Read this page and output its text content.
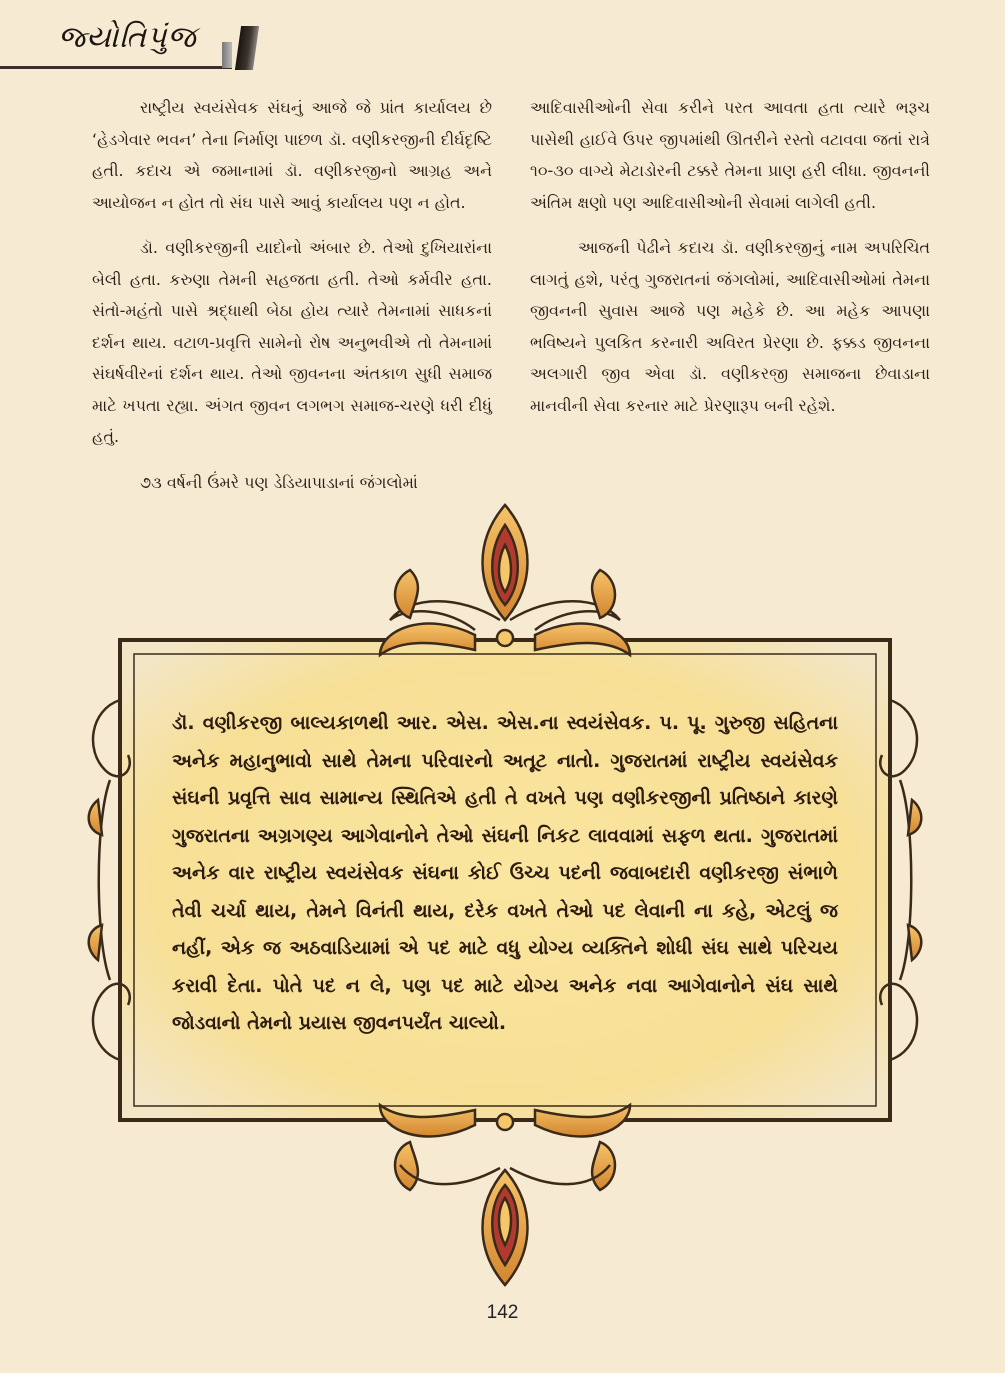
જ્યોતિપુંજ

રાષ્ટ્રીય સ્વયંસેવક સંઘનું આજે જે પ્રાંત કાર્યાલય છે ‘હેડગેવાર ભવન’ તેના નિર્માણ પાછળ ડૉ. વણીકરજીની દીર્ઘદૃષ્ટિ હતી. કદાચ એ જમાનામાં ડૉ. વણીકરજીનો આગ્રહ અને આયોજન ન હોત તો સંઘ પાસે આવું કાર્યાલય પણ ન હોત.

ડૉ. વણીકરજીની યાદોનો અંબાર છે. તેઓ દુખિયારાંના બેલી હતા. કરુણા તેમની સહજતા હતી. તેઓ કર્મવીર હતા. સંતો-મહંતો પાસે શ્રદ્ધાથી બેઠા હોય ત્યારે તેમનામાં સાધકનાં દર્શન થાય. વટાળ-પ્રવૃત્તિ સામેનો રોષ અનુભવીએ તો તેમનામાં સંઘર્ષવીરનાં દર્શન થાય. તેઓ જીવનના અંતકાળ સુધી સમાજ માટે ખપતા રહ્યા. અંગત જીવન લગભગ સમાજ-ચરણે ધરી દીધું હતું.

૭૩ વર્ષની ઉંમરે પણ ડેડિયાપાડાનાં જંગલોમાં

આદિવાસીઓની સેવા કરીને પરત આવતા હતા ત્યારે ભરૂચ પાસેથી હાઈવે ઉપર જીપમાંથી ઊતરીને રસ્તો વટાવવા જતાં રાત્રે ૧૦-૩૦ વાગ્યે મેટાડોરની ટક્કરે તેમના પ્રાણ હરી લીધા. જીવનની અંતિમ ક્ષણો પણ આદિવાસીઓની સેવામાં લાગેલી હતી.

આજની પેઢીને કદાચ ડૉ. વણીકરજીનું નામ અપરિચિત લાગતું હશે, પરંતુ ગુજરાતનાં જંગલોમાં, આદિવાસીઓમાં તેમના જીવનની સુવાસ આજે પણ મહેકે છે. આ મહેક આપણા ભવિષ્યને પુલકિત કરનારી અવિરત પ્રેરણા છે. ફક્કડ જીવનના અલગારી જીવ એવા ડૉ. વણીકરજી સમાજના છેવાડાના માનવીની સેવા કરનાર માટે પ્રેરણારૂપ બની રહેશે.

ડૉ. વણીકરજી બાલ્યકાળથી આર. એસ. એસ.ના સ્વયંસેવક. પ. પૂ. ગુરુજી સહિતના અનેક મહાનુભાવો સાથે તેમના પરિવારનો અતૂટ નાતો. ગુજરાતમાં રાષ્ટ્રીય સ્વયંસેવક સંઘની પ્રવૃત્તિ સાવ સામાન્ય સ્થિતિએ હતી તે વખતે પણ વણીકરજીની પ્રતિષ્ઠાને કારણે ગુજરાતના અગ્રગણ્ય આગેવાનોને તેઓ સંઘની નિકટ લાવવામાં સફળ થતા. ગુજરાતમાં અનેક વાર રાષ્ટ્રીય સ્વયંસેવક સંઘના કોઈ ઉચ્ચ પદની જવાબદારી વણીકરજી સંભાળે તેવી ચર્ચા થાય, તેમને વિનંતી થાય, દરેક વખતે તેઓ પદ લેવાની ના કહે, એટલું જ નહીં, એક જ અઠવાડિયામાં એ પદ માટે વધુ યોગ્ય વ્યક્તિને શોધી સંઘ સાથે પરિચય કરાવી દેતા. પોતે પદ ન લે, પણ પદ માટે યોગ્ય અનેક નવા આગેવાનોને સંઘ સાથે જોડવાનો તેમનો પ્રયાસ જીવનપર્યંત ચાલ્યો.
142
